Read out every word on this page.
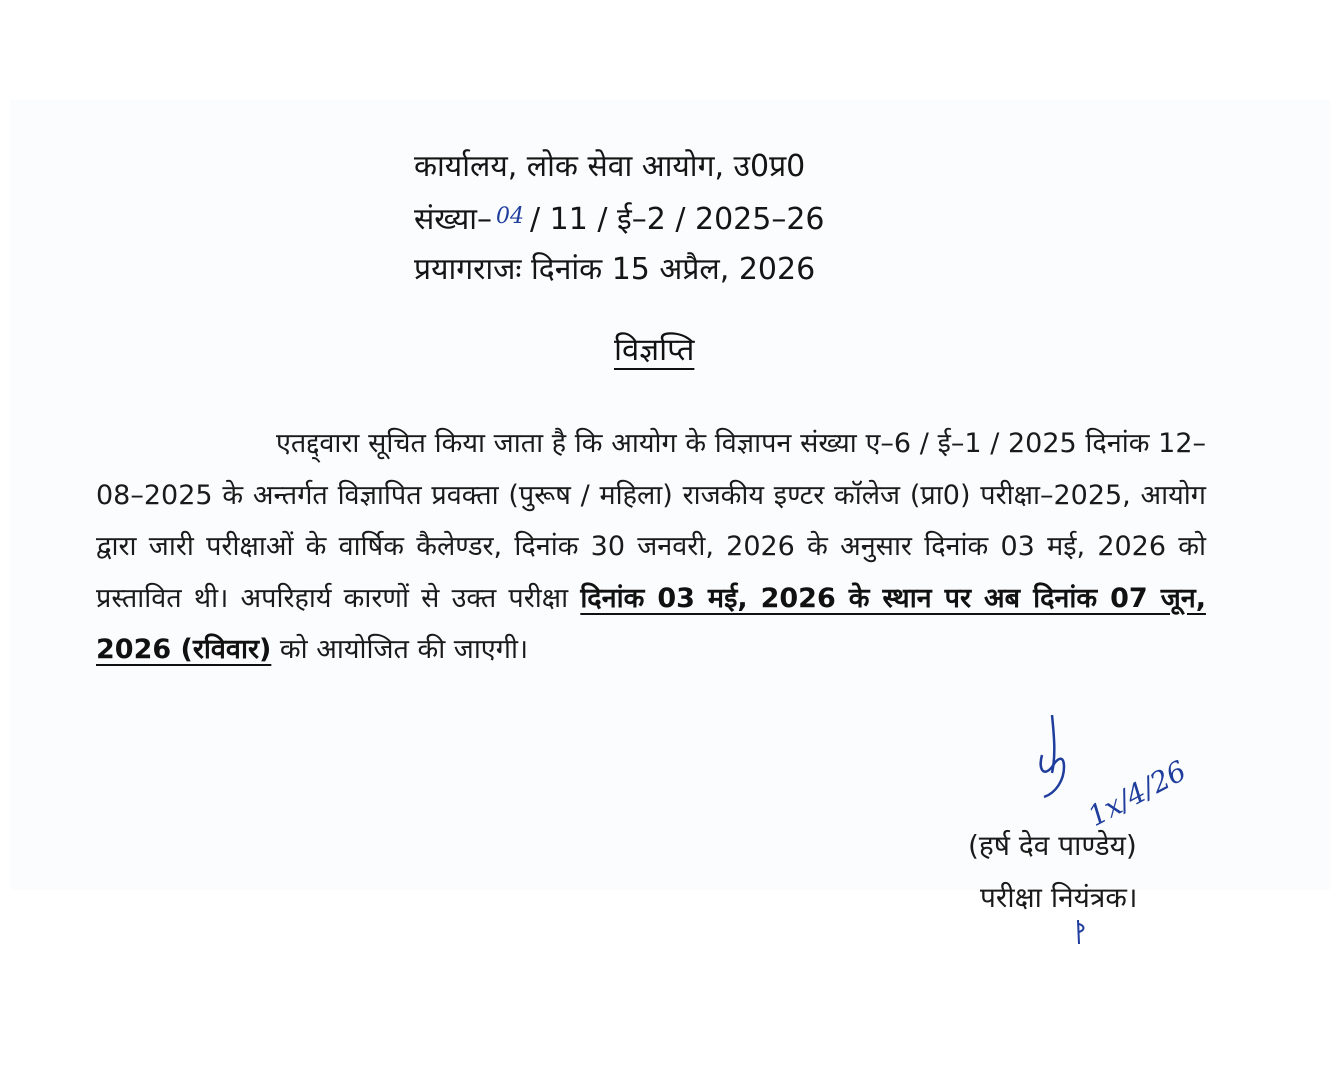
कार्यालय, लोक सेवा आयोग, उ0प्र0
संख्या– $^{04}$ / 11 / ई–2 / 2025–26
प्रयागराजः दिनांक 15 अप्रैल, 2026
विज्ञप्ति
एतद्द्वारा सूचित किया जाता है कि आयोग के विज्ञापन संख्या ए–6 / ई–1 / 2025 दिनांक 12–08–2025 के अन्तर्गत विज्ञापित प्रवक्ता (पुरूष / महिला) राजकीय इण्टर कॉलेज (प्रा0) परीक्षा–2025, आयोग द्वारा जारी परीक्षाओं के वार्षिक कैलेण्डर, दिनांक 30 जनवरी, 2026 के अनुसार दिनांक 03 मई, 2026 को प्रस्तावित थी। अपरिहार्य कारणों से उक्त परीक्षा दिनांक 03 मई, 2026 के स्थान पर अब दिनांक 07 जून, 2026 (रविवार) को आयोजित की जाएगी।
1x/4/26
(हर्ष देव पाण्डेय)
परीक्षा नियंत्रक।
